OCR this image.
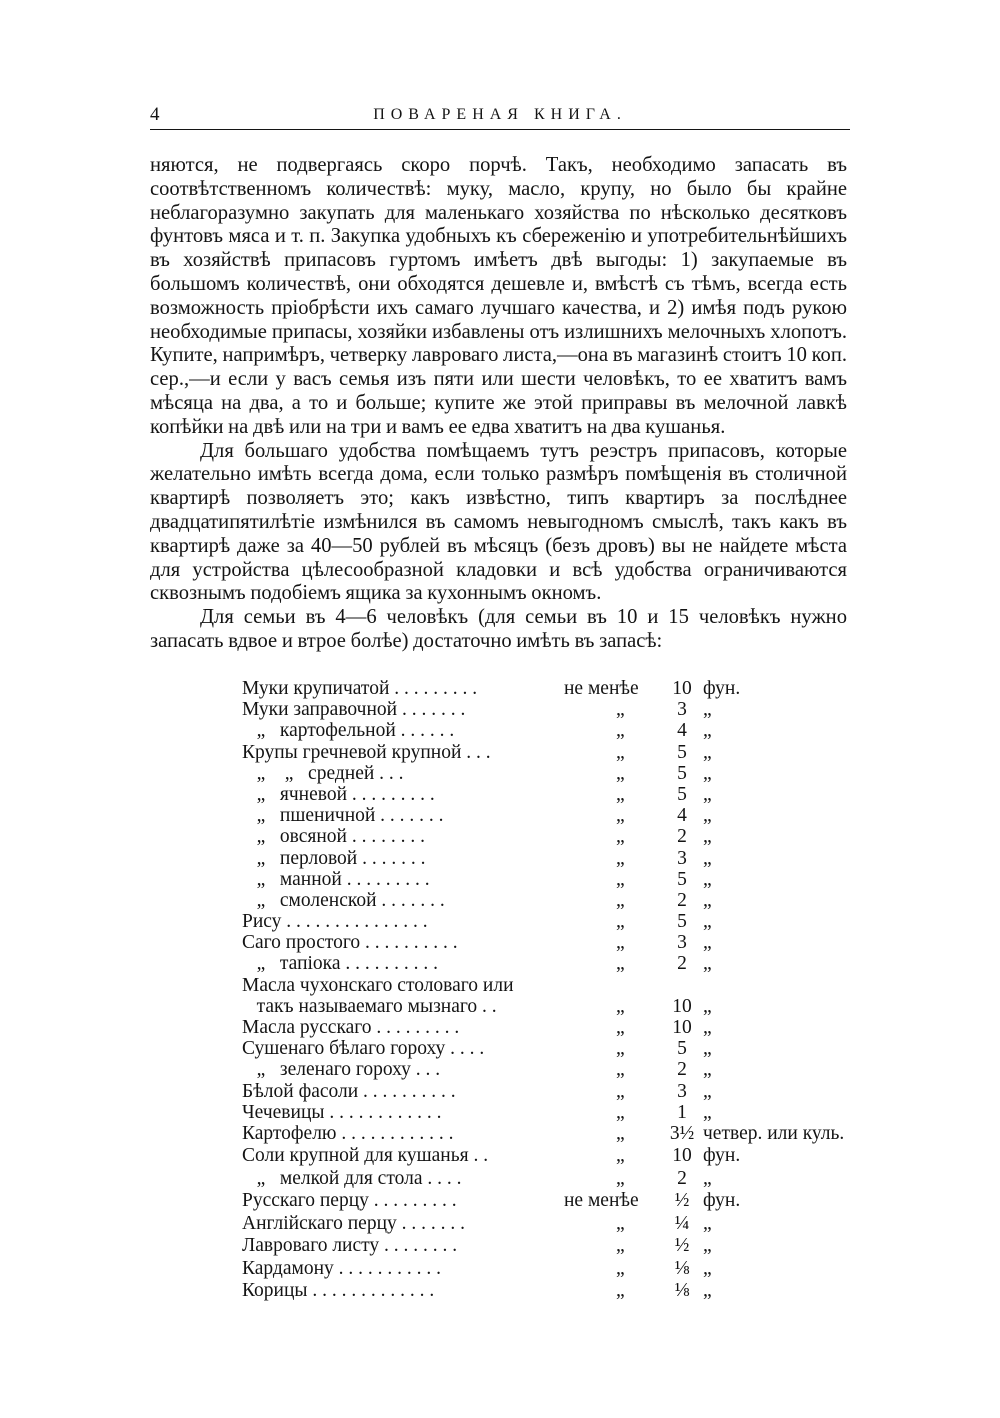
4	ПОВАРЕНАЯ КНИГА.

няются, не подвергаясь скоро порчѣ. Такъ, необходимо запасать въ соотвѣтственномъ количествѣ: муку, масло, крупу, но было бы крайне неблагоразумно закупать для маленькаго хозяйства по нѣсколько десятковъ фунтовъ мяса и т. п. Закупка удобныхъ къ сбереженію и употребительнѣйшихъ въ хозяйствѣ припасовъ гуртомъ имѣетъ двѣ выгоды: 1) закупаемые въ большомъ количествѣ, они обходятся дешевле и, вмѣстѣ съ тѣмъ, всегда есть возможность пріобрѣсти ихъ самаго лучшаго качества, и 2) имѣя подъ рукою необходимые припасы, хозяйки избавлены отъ излишнихъ мелочныхъ хлопотъ. Купите, напримѣръ, четверку лавроваго листа,—она въ магазинѣ стоитъ 10 коп. сер.,—и если у васъ семья изъ пяти или шести человѣкъ, то ее хватитъ вамъ мѣсяца на два, а то и больше; купите же этой приправы въ мелочной лавкѣ копѣйки на двѣ или на три и вамъ ее едва хватитъ на два кушанья.

Для большаго удобства помѣщаемъ тутъ реэстръ припасовъ, которые желательно имѣть всегда дома, если только размѣръ помѣщенія въ столичной квартирѣ позволяетъ это; какъ извѣстно, типъ квартиръ за послѣднее двадцатипятилѣтіе измѣнился въ самомъ невыгодномъ смыслѣ, такъ какъ въ квартирѣ даже за 40—50 рублей въ мѣсяцъ (безъ дровъ) вы не найдете мѣста для устройства цѣлесообразной кладовки и всѣ удобства ограничиваются сквознымъ подобіемъ ящика за кухоннымъ окномъ.

Для семьи въ 4—6 человѣкъ (для семьи въ 10 и 15 человѣкъ нужно запасать вдвое и втрое болѣе) достаточно имѣть въ запасѣ:

Муки крупичатой . . . . . . . . .	не менѣе	10 фун.
Муки заправочной . . . . . . .	„	3 „
„   картофельной . . . . . .	„	4 „
Крупы гречневой крупной . . .	„	5 „
„    „   средней . . .	„	5 „
„   ячневой . . . . . . . . .	„	5 „
„   пшеничной . . . . . . .	„	4 „
„   овсяной . . . . . . . .	„	2 „
„   перловой . . . . . . .	„	3 „
„   манной . . . . . . . . .	„	5 „
„   смоленской . . . . . . .	„	2 „
Рису . . . . . . . . . . . . . . .	„	5 „
Саго простого . . . . . . . . . .	„	3 „
„   тапіока . . . . . . . . . .	„	2 „
Масла чухонскаго столоваго или
такъ называемаго мызнаго . .	„	10 „
Масла русскаго . . . . . . . . .	„	10 „
Сушенаго бѣлаго гороху . . . .	„	5 „
„   зеленаго гороху . . .	„	2 „
Бѣлой фасоли . . . . . . . . . .	„	3 „
Чечевицы . . . . . . . . . . . .	„	1 „
Картофелю . . . . . . . . . . . .	„	3½ четвер. или куль.
Соли крупной для кушанья . .	„	10 фун.
„   мелкой для стола . . . .	„	2 „
Русскаго перцу . . . . . . . . .	не менѣе	½ фун.
Англійскаго перцу . . . . . . .	„	¼ „
Лавроваго листу . . . . . . . .	„	½ „
Кардамону . . . . . . . . . . .	„	⅛ „
Корицы . . . . . . . . . . . . .	„	⅛ „
